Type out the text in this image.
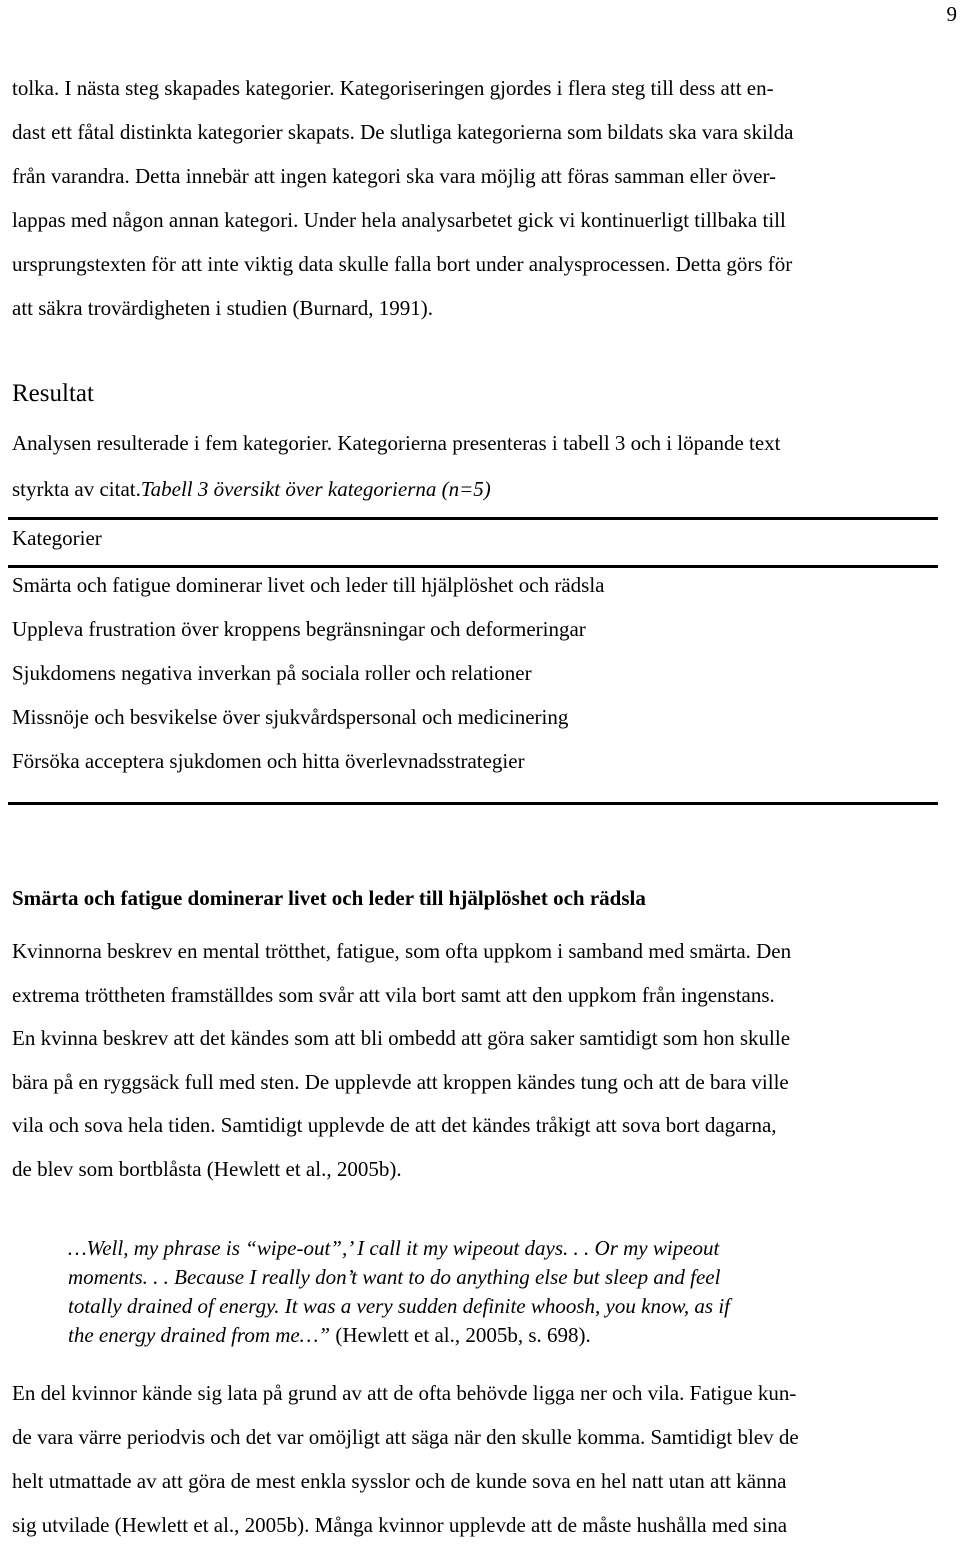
9
tolka. I nästa steg skapades kategorier. Kategoriseringen gjordes i flera steg till dess att en-
dast ett fåtal distinkta kategorier skapats. De slutliga kategorierna som bildats ska vara skilda
från varandra. Detta innebär att ingen kategori ska vara möjlig att föras samman eller över-
lappas med någon annan kategori. Under hela analysarbetet gick vi kontinuerligt tillbaka till
ursprungstexten för att inte viktig data skulle falla bort under analysprocessen. Detta görs för
att säkra trovärdigheten i studien (Burnard, 1991).
Resultat
Analysen resulterade i fem kategorier. Kategorierna presenteras i tabell 3 och i löpande text
styrkta av citat.Tabell 3 översikt över kategorierna (n=5)
Kategorier
Smärta och fatigue dominerar livet och leder till hjälplöshet och rädsla
Uppleva frustration över kroppens begränsningar och deformeringar
Sjukdomens negativa inverkan på sociala roller och relationer
Missnöje och besvikelse över sjukvårdspersonal och medicinering
Försöka acceptera sjukdomen och hitta överlevnadsstrategier
Smärta och fatigue dominerar livet och leder till hjälplöshet och rädsla
Kvinnorna beskrev en mental trötthet, fatigue, som ofta uppkom i samband med smärta. Den
extrema tröttheten framställdes som svår att vila bort samt att den uppkom från ingenstans.
En kvinna beskrev att det kändes som att bli ombedd att göra saker samtidigt som hon skulle
bära på en ryggsäck full med sten. De upplevde att kroppen kändes tung och att de bara ville
vila och sova hela tiden. Samtidigt upplevde de att det kändes tråkigt att sova bort dagarna,
de blev som bortblåsta (Hewlett et al., 2005b).
…Well, my phrase is “wipe-out”,’ I call it my wipeout days. . . Or my wipeout
moments. . . Because I really don’t want to do anything else but sleep and feel
totally drained of energy. It was a very sudden definite whoosh, you know, as if
the energy drained from me…” (Hewlett et al., 2005b, s. 698).
En del kvinnor kände sig lata på grund av att de ofta behövde ligga ner och vila. Fatigue kun-
de vara värre periodvis och det var omöjligt att säga när den skulle komma. Samtidigt blev de
helt utmattade av att göra de mest enkla sysslor och de kunde sova en hel natt utan att känna
sig utvilade (Hewlett et al., 2005b). Många kvinnor upplevde att de måste hushålla med sina
